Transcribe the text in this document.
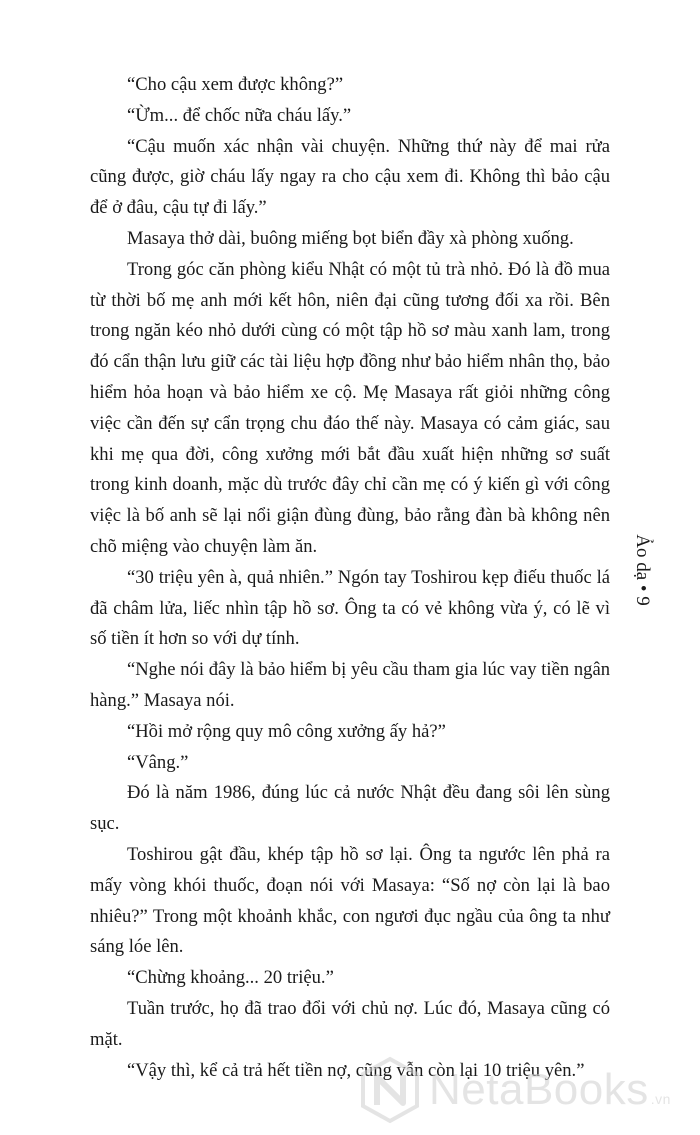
“Cho cậu xem được không?”

“Ừm... để chốc nữa cháu lấy.”

“Cậu muốn xác nhận vài chuyện. Những thứ này để mai rửa cũng được, giờ cháu lấy ngay ra cho cậu xem đi. Không thì bảo cậu để ở đâu, cậu tự đi lấy.”

Masaya thở dài, buông miếng bọt biển đầy xà phòng xuống.

Trong góc căn phòng kiểu Nhật có một tủ trà nhỏ. Đó là đồ mua từ thời bố mẹ anh mới kết hôn, niên đại cũng tương đối xa rồi. Bên trong ngăn kéo nhỏ dưới cùng có một tập hồ sơ màu xanh lam, trong đó cẩn thận lưu giữ các tài liệu hợp đồng như bảo hiểm nhân thọ, bảo hiểm hỏa hoạn và bảo hiểm xe cộ. Mẹ Masaya rất giỏi những công việc cần đến sự cẩn trọng chu đáo thế này. Masaya có cảm giác, sau khi mẹ qua đời, công xưởng mới bắt đầu xuất hiện những sơ suất trong kinh doanh, mặc dù trước đây chỉ cần mẹ có ý kiến gì với công việc là bố anh sẽ lại nổi giận đùng đùng, bảo rằng đàn bà không nên chõ miệng vào chuyện làm ăn.

“30 triệu yên à, quả nhiên.” Ngón tay Toshirou kẹp điếu thuốc lá đã châm lửa, liếc nhìn tập hồ sơ. Ông ta có vẻ không vừa ý, có lẽ vì số tiền ít hơn so với dự tính.

“Nghe nói đây là bảo hiểm bị yêu cầu tham gia lúc vay tiền ngân hàng.” Masaya nói.

“Hồi mở rộng quy mô công xưởng ấy hả?”

“Vâng.”

Đó là năm 1986, đúng lúc cả nước Nhật đều đang sôi lên sùng sục.

Toshirou gật đầu, khép tập hồ sơ lại. Ông ta ngước lên phả ra mấy vòng khói thuốc, đoạn nói với Masaya: “Số nợ còn lại là bao nhiêu?” Trong một khoảnh khắc, con ngươi đục ngầu của ông ta như sáng lóe lên.

“Chừng khoảng... 20 triệu.”

Tuần trước, họ đã trao đổi với chủ nợ. Lúc đó, Masaya cũng có mặt.

“Vậy thì, kể cả trả hết tiền nợ, cũng vẫn còn lại 10 triệu yên.”

Ảo dạ • 9
NetaBooks .vn
